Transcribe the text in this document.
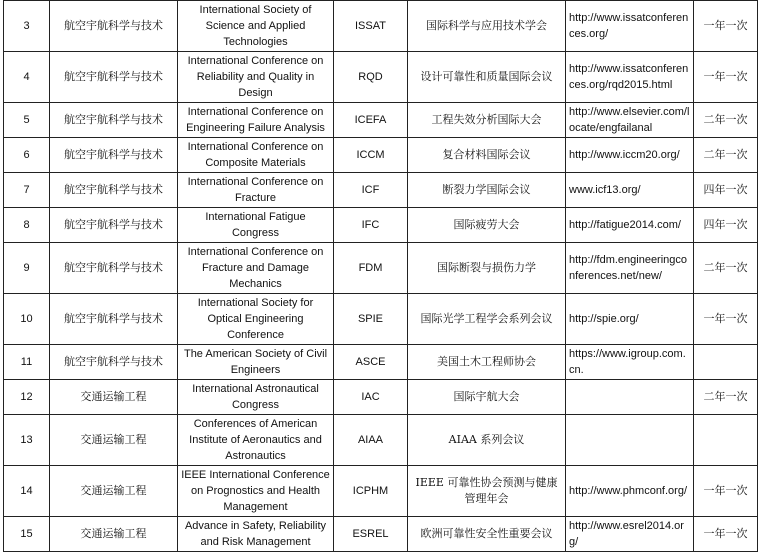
3	航空宇航科学与技术	International Society of Science and Applied Technologies	ISSAT	国际科学与应用技术学会	http://www.issatconferences.org/	一年一次
4	航空宇航科学与技术	International Conference on Reliability and Quality in Design	RQD	设计可靠性和质量国际会议	http://www.issatconferences.org/rqd2015.html	一年一次
5	航空宇航科学与技术	International Conference on Engineering Failure Analysis	ICEFA	工程失效分析国际大会	http://www.elsevier.com/locate/engfailanal	二年一次
6	航空宇航科学与技术	International Conference on Composite Materials	ICCM	复合材料国际会议	http://www.iccm20.org/	二年一次
7	航空宇航科学与技术	International Conference on Fracture	ICF	断裂力学国际会议	www.icf13.org/	四年一次
8	航空宇航科学与技术	International Fatigue Congress	IFC	国际疲劳大会	http://fatigue2014.com/	四年一次
9	航空宇航科学与技术	International Conference on Fracture and Damage Mechanics	FDM	国际断裂与损伤力学	http://fdm.engineeringconferences.net/new/	二年一次
10	航空宇航科学与技术	International Society for Optical Engineering Conference	SPIE	国际光学工程学会系列会议	http://spie.org/	一年一次
11	航空宇航科学与技术	The American Society of Civil Engineers	ASCE	美国土木工程师协会	https://www.igroup.com.cn.	
12	交通运输工程	International Astronautical Congress	IAC	国际宇航大会		二年一次
13	交通运输工程	Conferences of American Institute of Aeronautics and Astronautics	AIAA	AIAA 系列会议		
14	交通运输工程	IEEE International Conference on Prognostics and Health Management	ICPHM	IEEE 可靠性协会预测与健康管理年会	http://www.phmconf.org/	一年一次
15	交通运输工程	Advance in Safety, Reliability and Risk Management	ESREL	欧洲可靠性安全性重要会议	http://www.esrel2014.org/	一年一次
